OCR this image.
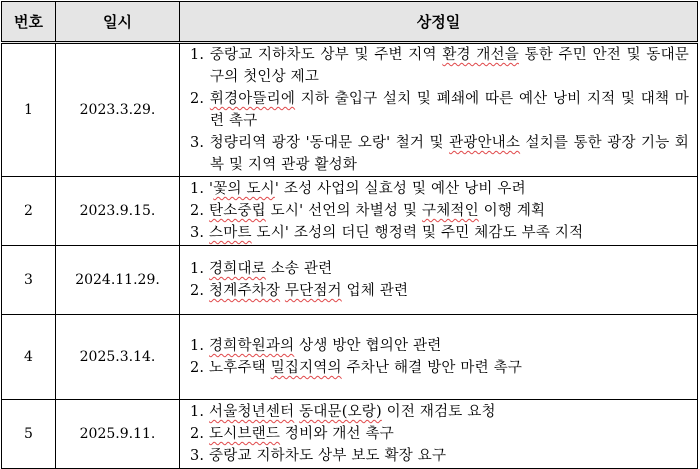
번호	일시	상정일
1	2023.3.29.	1. 중랑교 지하차도 상부 및 주변 지역 환경 개선을 통한 주민 안전 및 동대문구의 첫인상 제고
2. 휘경아뜰리에 지하 출입구 설치 및 폐쇄에 따른 예산 낭비 지적 및 대책 마련 촉구
3. 청량리역 광장 '동대문 오랑' 철거 및 관광안내소 설치를 통한 광장 기능 회복 및 지역 관광 활성화

2	2023.9.15.	1. '꽃의 도시' 조성 사업의 실효성 및 예산 낭비 우려
2. 탄소중립 도시' 선언의 차별성 및 구체적인 이행 계획
3. 스마트 도시' 조성의 더딘 행정력 및 주민 체감도 부족 지적

3	2024.11.29.	1. 경희대로 소송 관련
2. 청계주차장 무단점거 업체 관련

4	2025.3.14.	1. 경희학원과의 상생 방안 협의안 관련
2. 노후주택 밀집지역의 주차난 해결 방안 마련 촉구

5	2025.9.11.	1. 서울청년센터 동대문(오랑) 이전 재검토 요청
2. 도시브랜드 정비와 개선 촉구
3. 중랑교 지하차도 상부 보도 확장 요구
